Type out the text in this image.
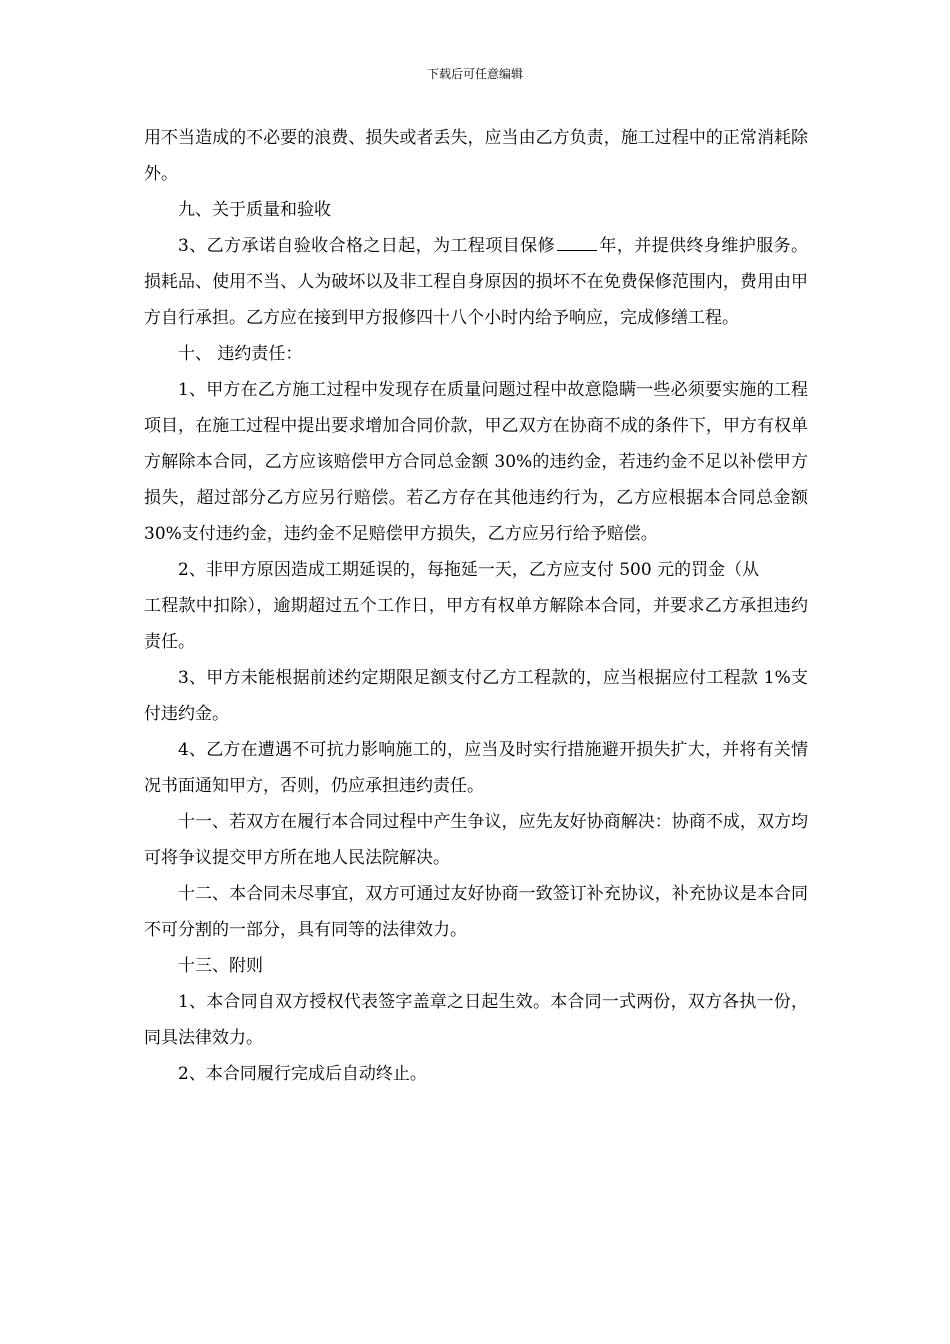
下载后可任意编辑

用不当造成的不必要的浪费、损失或者丢失，应当由乙方负责，施工过程中的正常消耗除外。

九、关于质量和验收

3、乙方承诺自验收合格之日起，为工程项目保修	年，并提供终身维护服务。损耗品、使用不当、人为破坏以及非工程自身原因的损坏不在免费保修范围内，费用由甲方自行承担。乙方应在接到甲方报修四十八个小时内给予响应，完成修缮工程。

十、 违约责任：

1、甲方在乙方施工过程中发现存在质量问题过程中故意隐瞒一些必须要实施的工程项目，在施工过程中提出要求增加合同价款，甲乙双方在协商不成的条件下，甲方有权单方解除本合同，乙方应该赔偿甲方合同总金额 30%的违约金，若违约金不足以补偿甲方损失，超过部分乙方应另行赔偿。若乙方存在其他违约行为，乙方应根据本合同总金额 30%支付违约金，违约金不足赔偿甲方损失，乙方应另行给予赔偿。

2、非甲方原因造成工期延误的，每拖延一天，乙方应支付 500 元的罚金（从

工程款中扣除），逾期超过五个工作日，甲方有权单方解除本合同，并要求乙方承担违约责任。

3、甲方未能根据前述约定期限足额支付乙方工程款的，应当根据应付工程款 1%支付违约金。

4、乙方在遭遇不可抗力影响施工的，应当及时实行措施避开损失扩大，并将有关情况书面通知甲方，否则，仍应承担违约责任。

十一、若双方在履行本合同过程中产生争议，应先友好协商解决：协商不成，双方均可将争议提交甲方所在地人民法院解决。

十二、本合同未尽事宜，双方可通过友好协商一致签订补充协议，补充协议是本合同不可分割的一部分，具有同等的法律效力。

十三、附则

1、本合同自双方授权代表签字盖章之日起生效。本合同一式两份，双方各执一份，同具法律效力。

2、本合同履行完成后自动终止。
